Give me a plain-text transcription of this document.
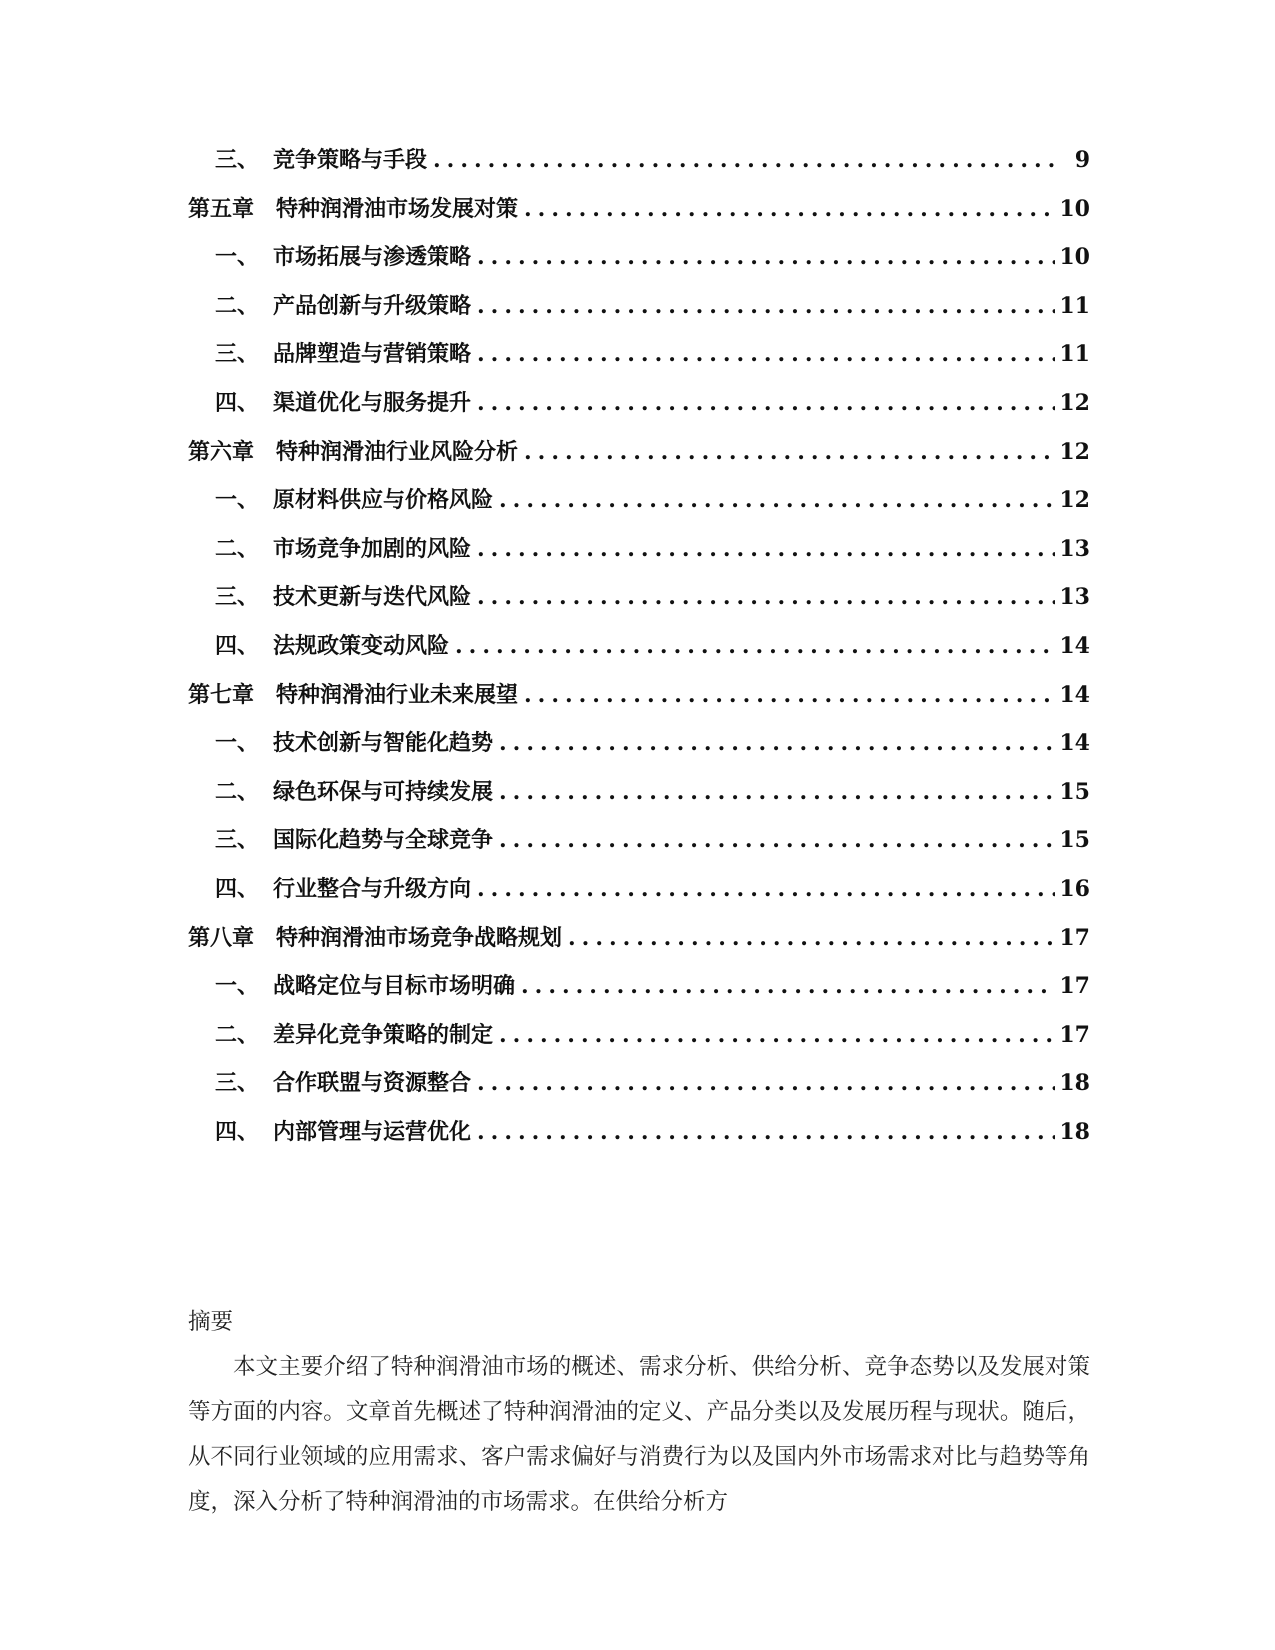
三、 竞争策略与手段 .....	9
第五章 特种润滑油市场发展对策 .....	10
一、 市场拓展与渗透策略 .....	10
二、 产品创新与升级策略 .....	11
三、 品牌塑造与营销策略 .....	11
四、 渠道优化与服务提升 .....	12
第六章 特种润滑油行业风险分析 .....	12
一、 原材料供应与价格风险 .....	12
二、 市场竞争加剧的风险 .....	13
三、 技术更新与迭代风险 .....	13
四、 法规政策变动风险 .....	14
第七章 特种润滑油行业未来展望 .....	14
一、 技术创新与智能化趋势 .....	14
二、 绿色环保与可持续发展 .....	15
三、 国际化趋势与全球竞争 .....	15
四、 行业整合与升级方向 .....	16
第八章 特种润滑油市场竞争战略规划 .....	17
一、 战略定位与目标市场明确 .....	17
二、 差异化竞争策略的制定 .....	17
三、 合作联盟与资源整合 .....	18
四、 内部管理与运营优化 .....	18

摘要

本文主要介绍了特种润滑油市场的概述、需求分析、供给分析、竞争态势以及发展对策等方面的内容。文章首先概述了特种润滑油的定义、产品分类以及发展历程与现状。随后，从不同行业领域的应用需求、客户需求偏好与消费行为以及国内外市场需求对比与趋势等角度，深入分析了特种润滑油的市场需求。在供给分析方
